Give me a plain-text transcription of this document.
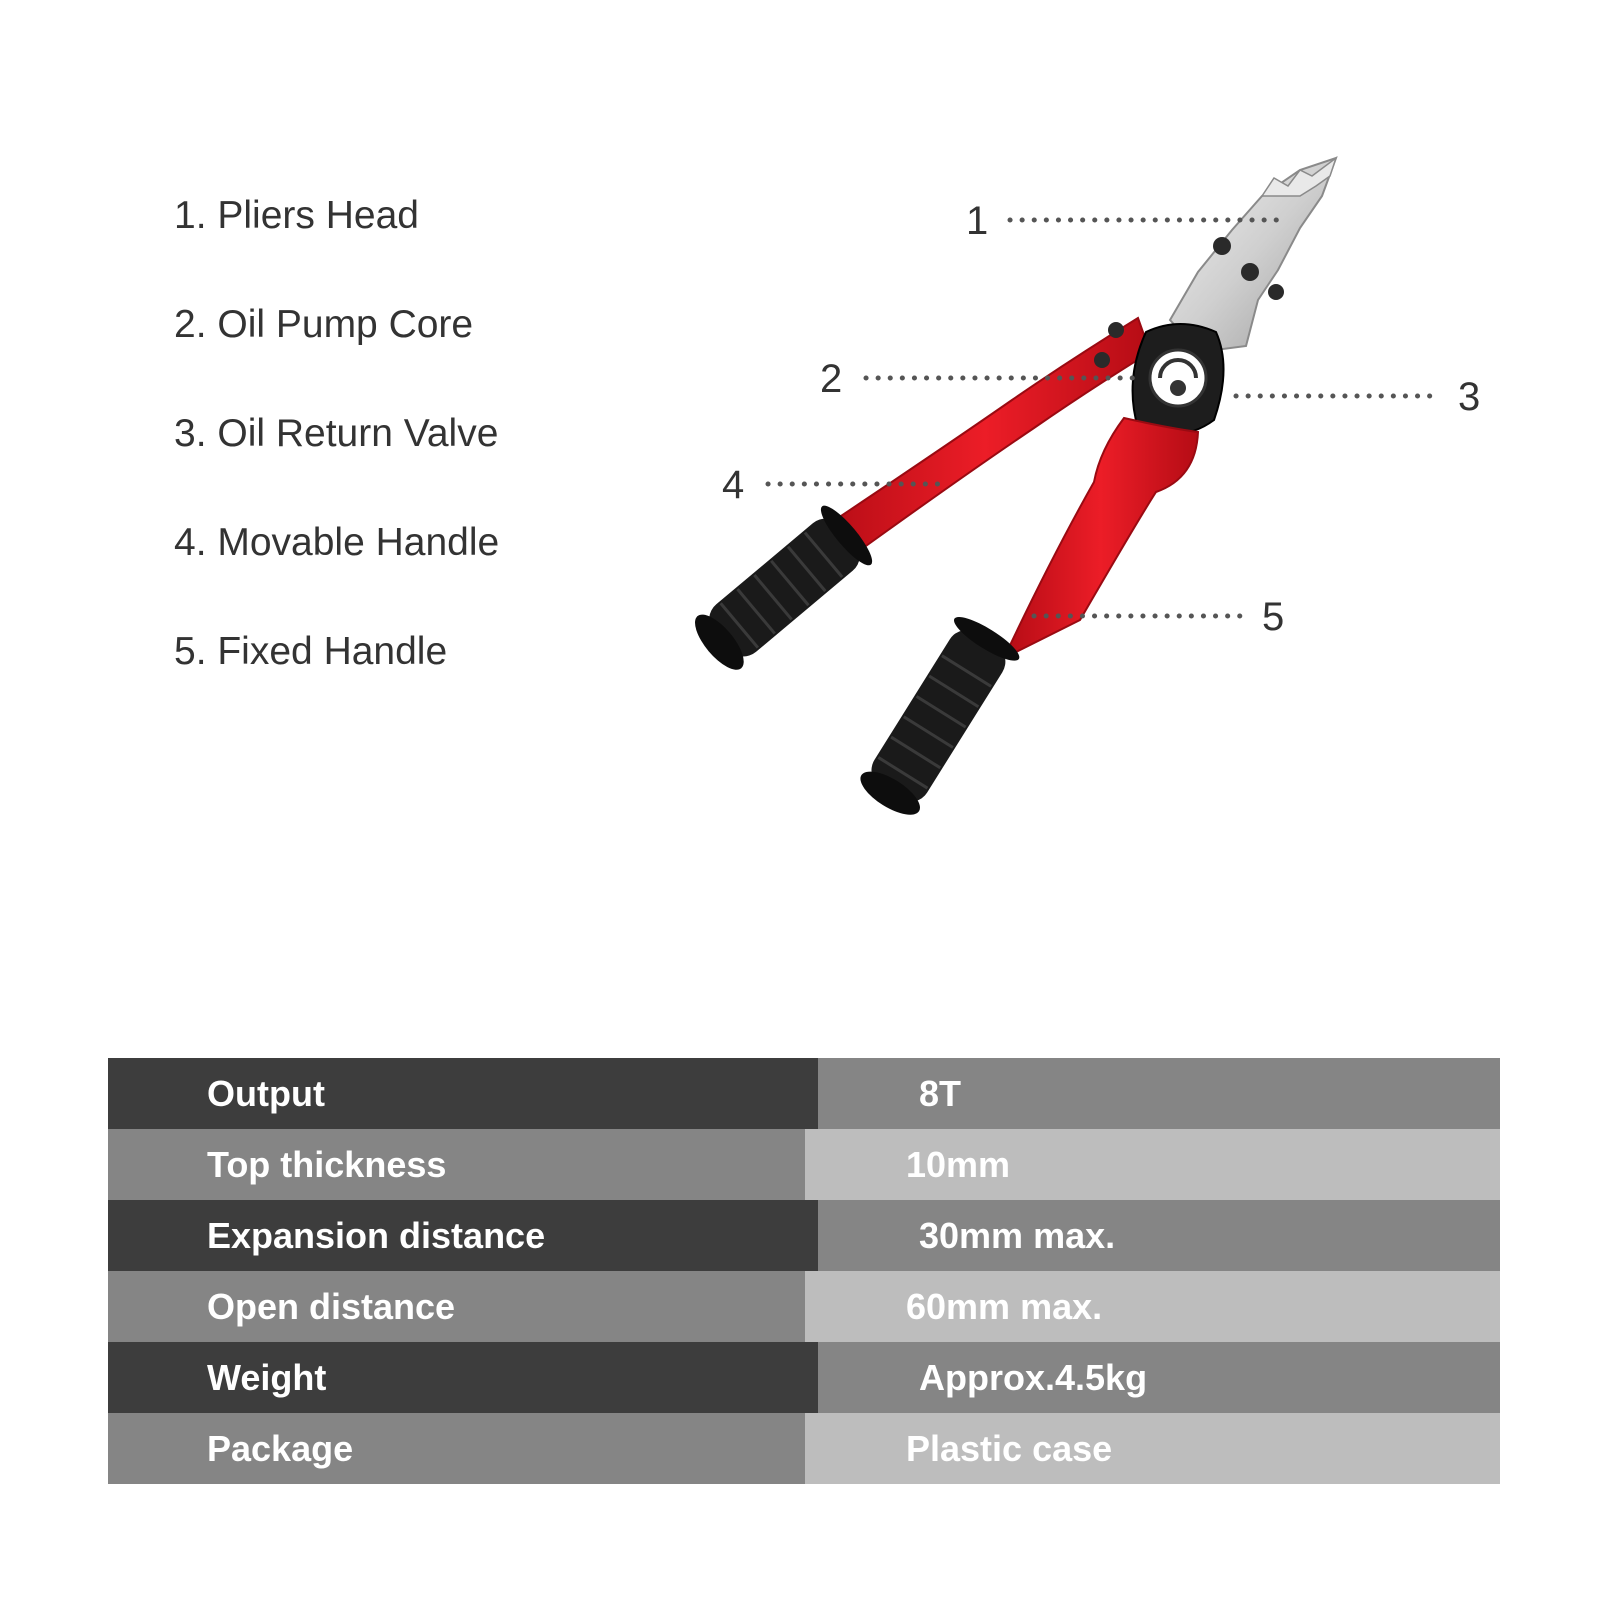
1. Pliers Head
2. Oil Pump Core
3. Oil Return Valve
4. Movable Handle
5. Fixed Handle
1
2	3
4
5
Output	8T
Top thickness	10mm
Expansion distance	30mm max.
Open distance	60mm max.
Weight	Approx.4.5kg
Package	Plastic case
